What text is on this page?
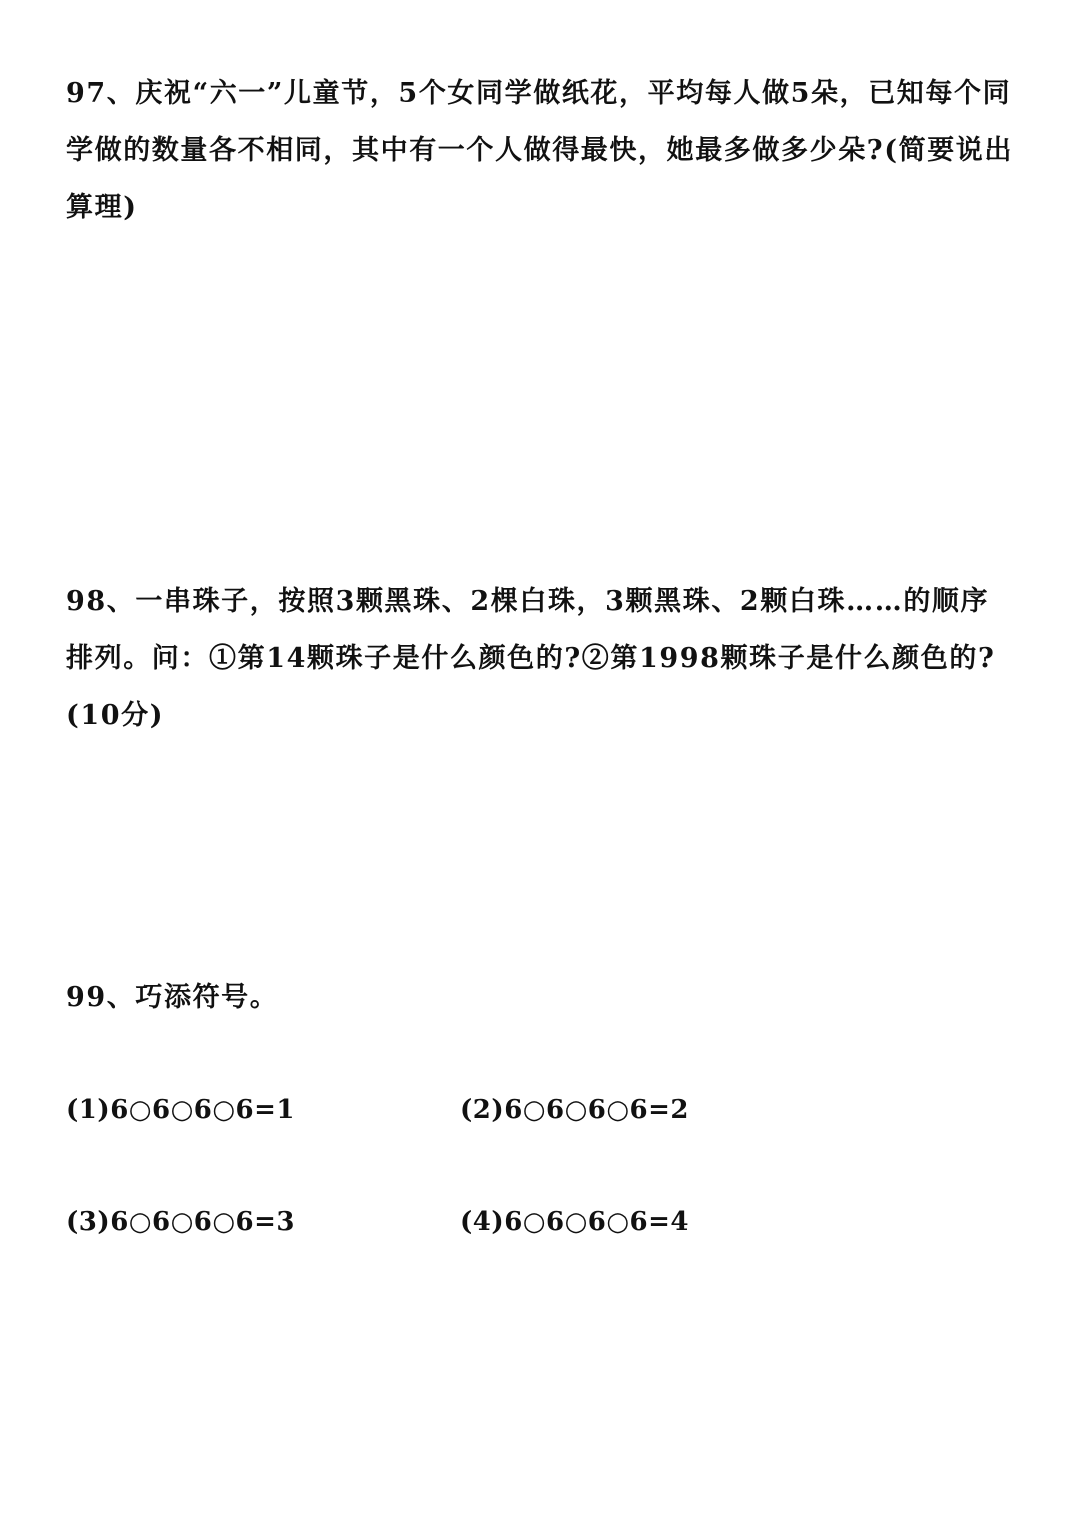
97、庆祝“六一”儿童节，5个女同学做纸花，平均每人做5朵，已知每个同学做的数量各不相同，其中有一个人做得最快，她最多做多少朵?(简要说出算理)

98、一串珠子，按照3颗黑珠、2棵白珠，3颗黑珠、2颗白珠……的顺序排列。问：①第14颗珠子是什么颜色的?②第1998颗珠子是什么颜色的?(10分)

99、巧添符号。

(1)6○6○6○6=1	(2)6○6○6○6=2

(3)6○6○6○6=3	(4)6○6○6○6=4
